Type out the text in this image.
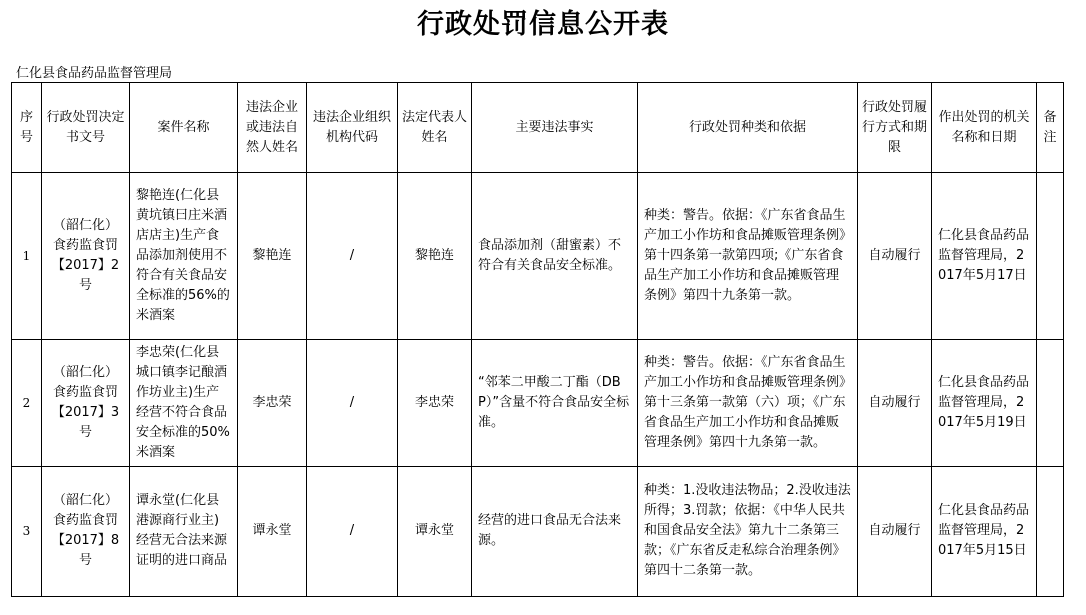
行政处罚信息公开表
仁化县食品药品监督管理局
序号	行政处罚决定书文号	案件名称	违法企业或违法自然人姓名	违法企业组织机构代码	法定代表人姓名	主要违法事实	行政处罚种类和依据	行政处罚履行方式和期限	作出处罚的机关名称和日期	备注
1	（韶仁化）食药监食罚【2017】2号	黎艳连(仁化县黄坑镇曰庄米酒店店主)生产食品添加剂使用不符合有关食品安全标准的56%的米酒案	黎艳连	/	黎艳连	食品添加剂（甜蜜素）不符合有关食品安全标准。	种类：警告。依据：《广东省食品生产加工小作坊和食品摊贩管理条例》第十四条第一款第四项;《广东省食品生产加工小作坊和食品摊贩管理条例》第四十九条第一款。	自动履行	仁化县食品药品监督管理局，2017年5月17日	
2	（韶仁化）食药监食罚【2017】3号	李忠荣(仁化县城口镇李记酿酒作坊业主)生产经营不符合食品安全标准的50%米酒案	李忠荣	/	李忠荣	“邻苯二甲酸二丁酯（DBP）”含量不符合食品安全标准。	种类：警告。依据：《广东省食品生产加工小作坊和食品摊贩管理条例》第十三条第一款第（六）项；《广东省食品生产加工小作坊和食品摊贩管理条例》第四十九条第一款。	自动履行	仁化县食品药品监督管理局，2017年5月19日	
3	（韶仁化）食药监食罚【2017】8号	谭永堂(仁化县港源商行业主)经营无合法来源证明的进口商品	谭永堂	/	谭永堂	经营的进口食品无合法来源。	种类：1.没收违法物品；2.没收违法所得；3.罚款；依据：《中华人民共和国食品安全法》第九十二条第三款；《广东省反走私综合治理条例》第四十二条第一款。	自动履行	仁化县食品药品监督管理局，2017年5月15日	
